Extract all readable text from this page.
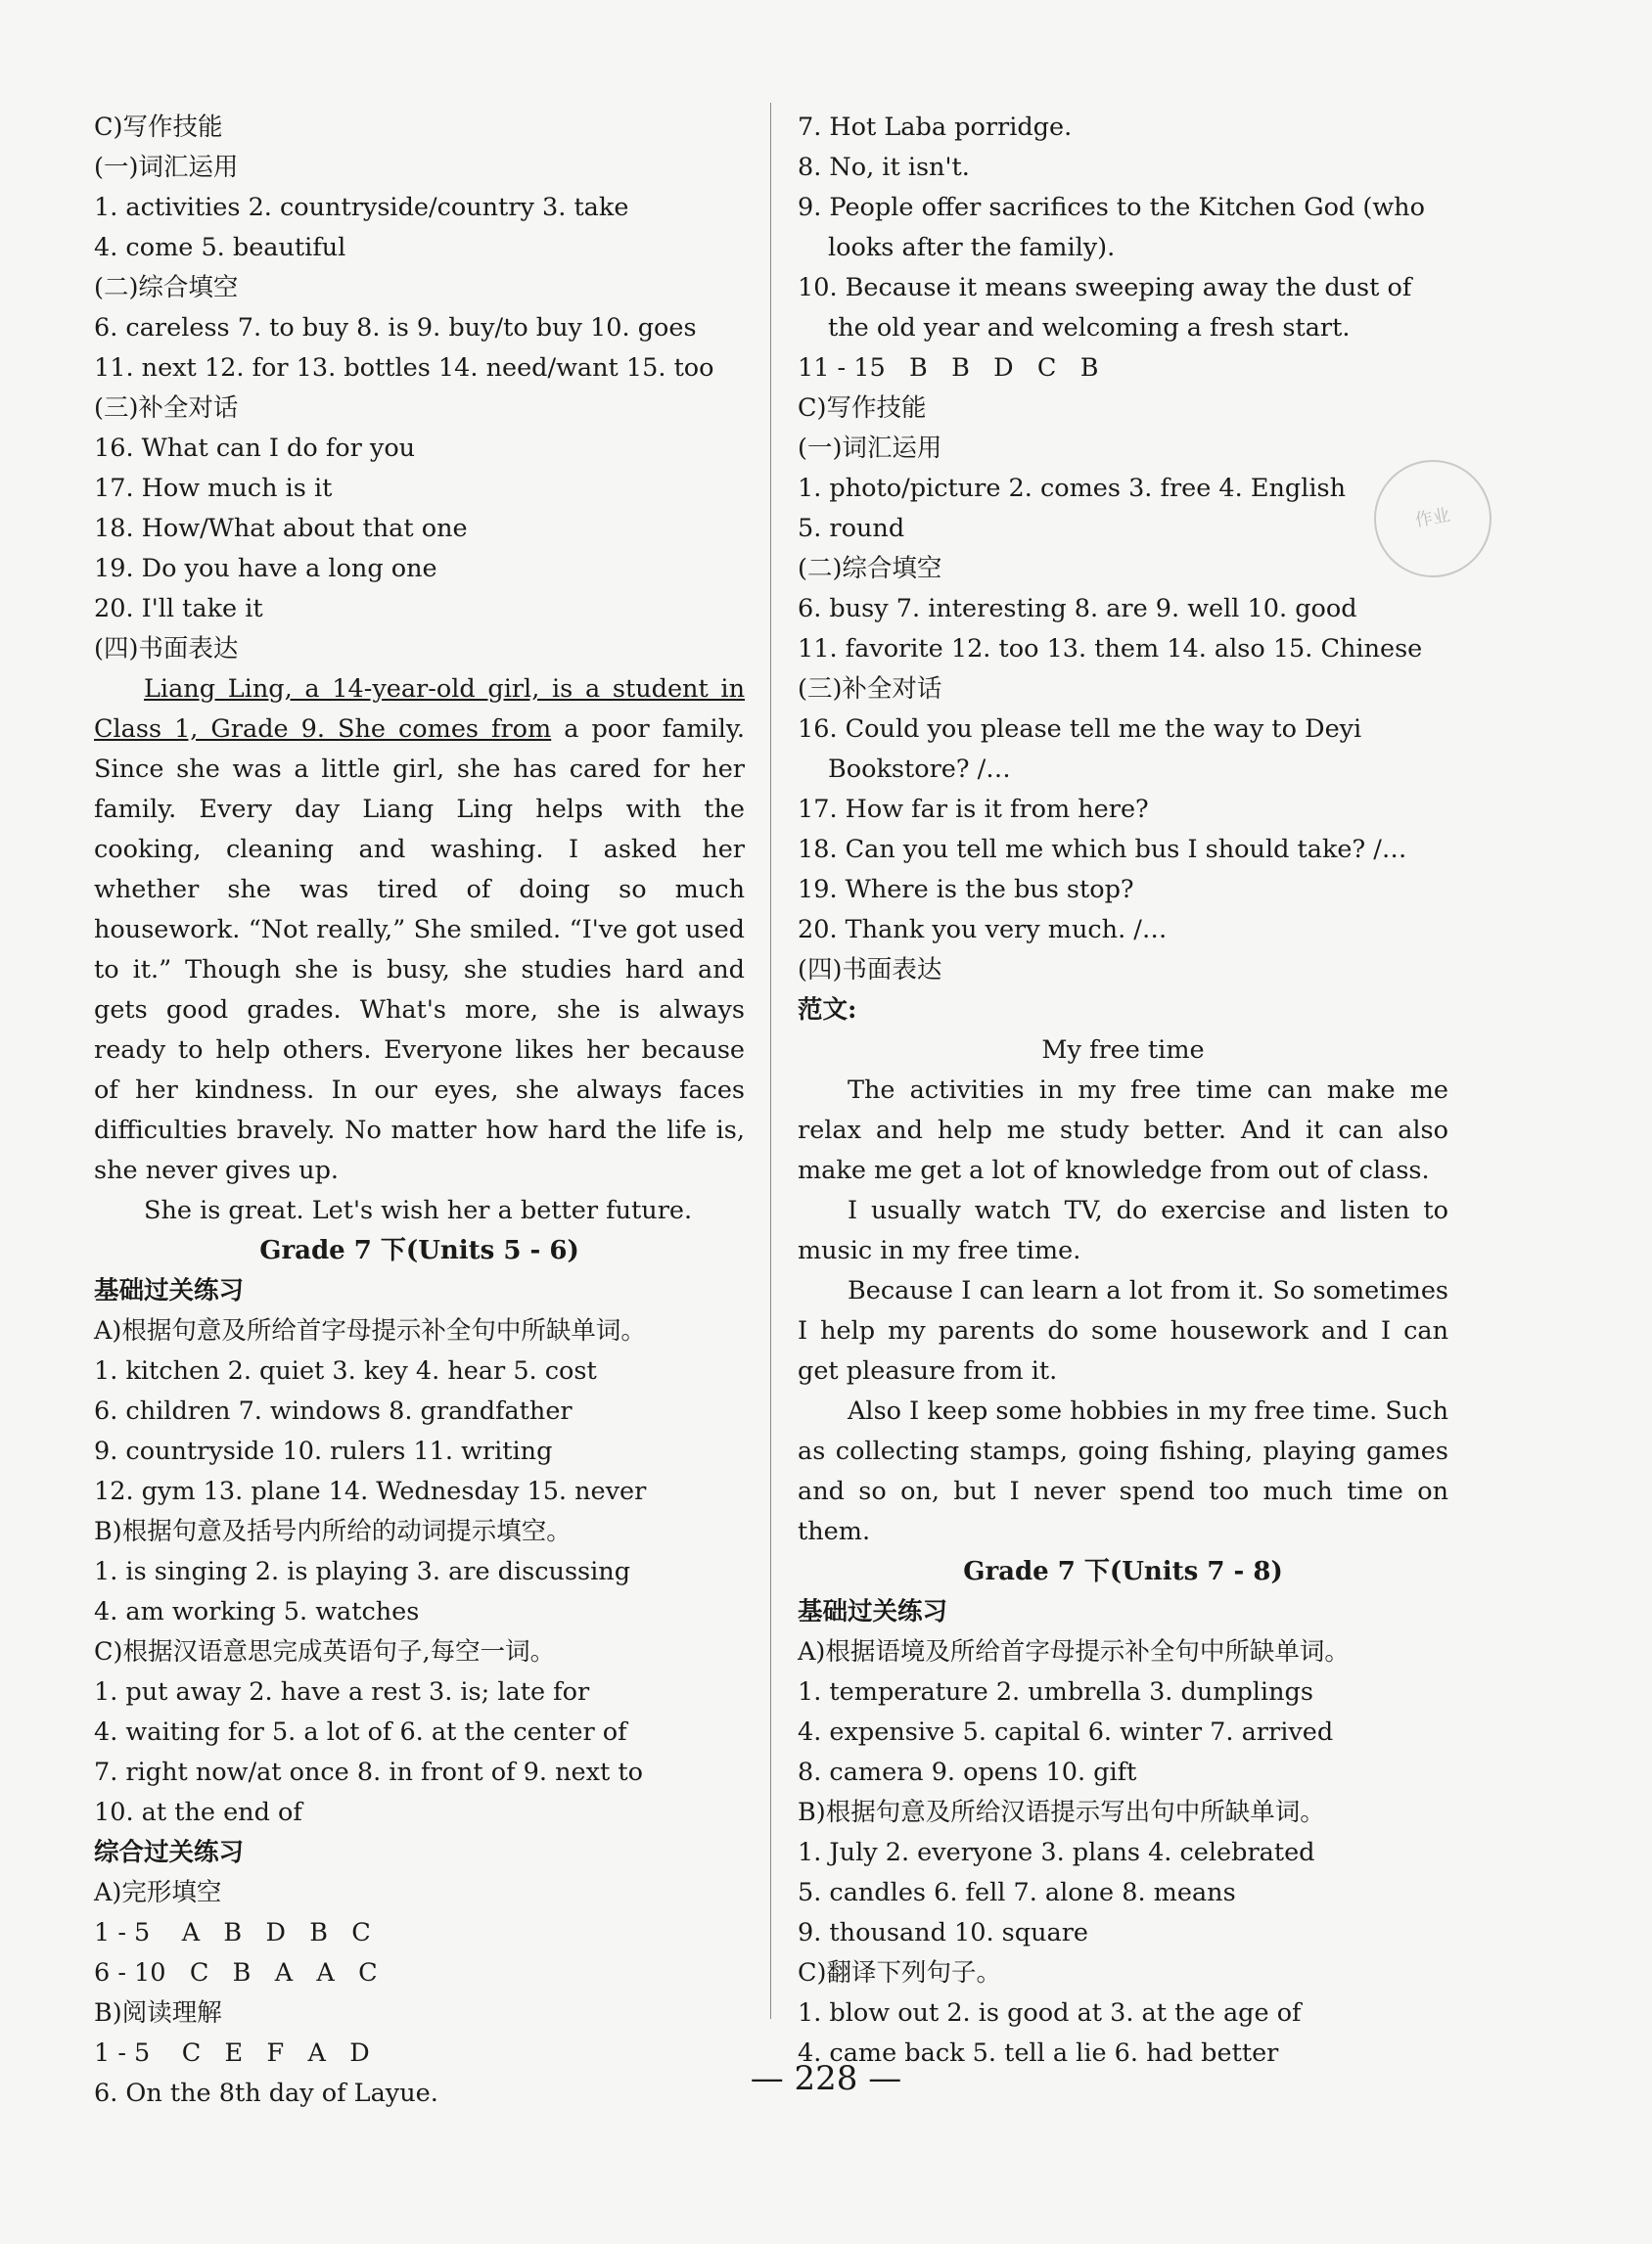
C)写作技能
(一)词汇运用
1. activities 2. countryside/country 3. take
4. come 5. beautiful
(二)综合填空
6. careless 7. to buy 8. is 9. buy/to buy 10. goes
11. next 12. for 13. bottles 14. need/want 15. too
(三)补全对话
16. What can I do for you
17. How much is it
18. How/What about that one
19. Do you have a long one
20. I'll take it
(四)书面表达
Liang Ling, a 14-year-old girl, is a student in Class 1, Grade 9. She comes from a poor family. Since she was a little girl, she has cared for her family. Every day Liang Ling helps with the cooking, cleaning and washing. I asked her whether she was tired of doing so much housework. “Not really,” She smiled. “I've got used to it.” Though she is busy, she studies hard and gets good grades. What's more, she is always ready to help others. Everyone likes her because of her kindness. In our eyes, she always faces difficulties bravely. No matter how hard the life is, she never gives up.
She is great. Let's wish her a better future.
Grade 7 下(Units 5 - 6)
基础过关练习
A)根据句意及所给首字母提示补全句中所缺单词。
1. kitchen 2. quiet 3. key 4. hear 5. cost
6. children 7. windows 8. grandfather
9. countryside 10. rulers 11. writing
12. gym 13. plane 14. Wednesday 15. never
B)根据句意及括号内所给的动词提示填空。
1. is singing 2. is playing 3. are discussing
4. am working 5. watches
C)根据汉语意思完成英语句子,每空一词。
1. put away 2. have a rest 3. is; late for
4. waiting for 5. a lot of 6. at the center of
7. right now/at once 8. in front of 9. next to
10. at the end of
综合过关练习
A)完形填空
1 - 5    A   B   D   B   C
6 - 10   C   B   A   A   C
B)阅读理解
1 - 5    C   E   F   A   D
6. On the 8th day of Layue.
7. Hot Laba porridge.
8. No, it isn't.
9. People offer sacrifices to the Kitchen God (who looks after the family).
10. Because it means sweeping away the dust of the old year and welcoming a fresh start.
11 - 15   B   B   D   C   B
C)写作技能
(一)词汇运用
1. photo/picture 2. comes 3. free 4. English
5. round
(二)综合填空
6. busy 7. interesting 8. are 9. well 10. good
11. favorite 12. too 13. them 14. also 15. Chinese
(三)补全对话
16. Could you please tell me the way to Deyi Bookstore? /…
17. How far is it from here?
18. Can you tell me which bus I should take? /…
19. Where is the bus stop?
20. Thank you very much. /…
(四)书面表达
范文:
My free time
The activities in my free time can make me relax and help me study better. And it can also make me get a lot of knowledge from out of class.
I usually watch TV, do exercise and listen to music in my free time.
Because I can learn a lot from it. So sometimes I help my parents do some housework and I can get pleasure from it.
Also I keep some hobbies in my free time. Such as collecting stamps, going fishing, playing games and so on, but I never spend too much time on them.
Grade 7 下(Units 7 - 8)
基础过关练习
A)根据语境及所给首字母提示补全句中所缺单词。
1. temperature 2. umbrella 3. dumplings
4. expensive 5. capital 6. winter 7. arrived
8. camera 9. opens 10. gift
B)根据句意及所给汉语提示写出句中所缺单词。
1. July 2. everyone 3. plans 4. celebrated
5. candles 6. fell 7. alone 8. means
9. thousand 10. square
C)翻译下列句子。
1. blow out 2. is good at 3. at the age of
4. came back 5. tell a lie 6. had better
作业
— 228 —
